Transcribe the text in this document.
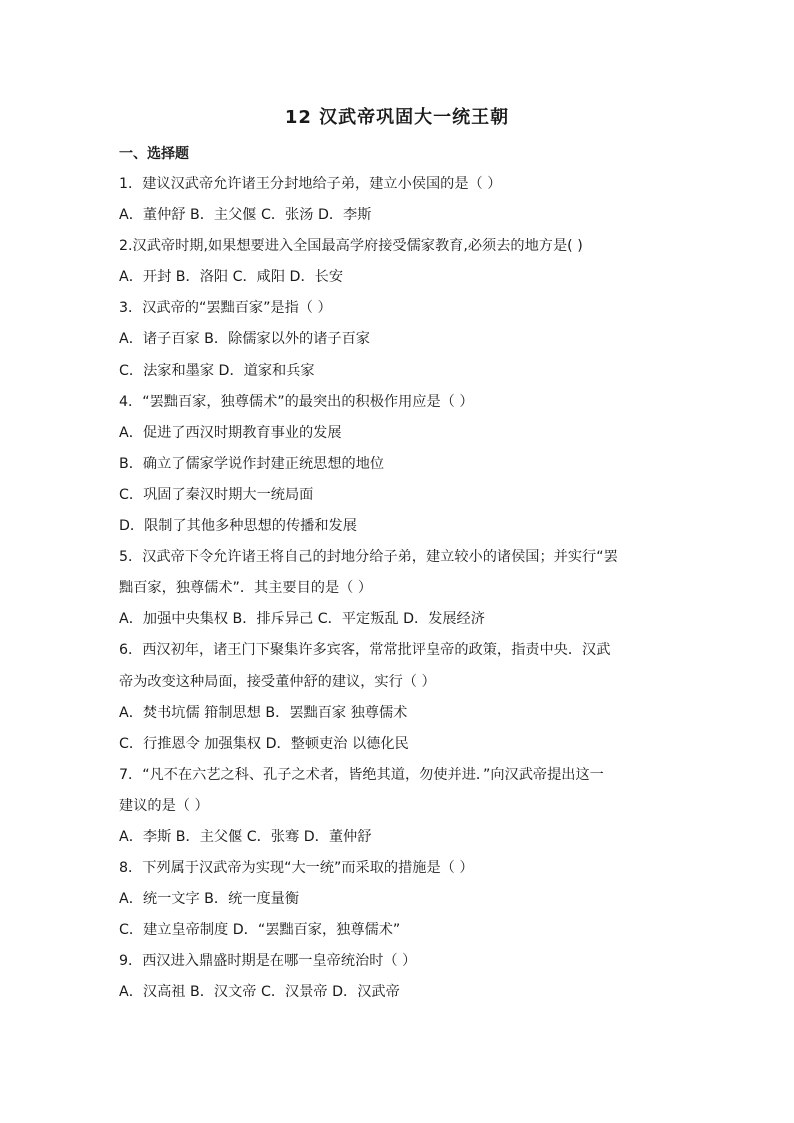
12 汉武帝巩固大一统王朝
一、选择题
1．建议汉武帝允许诸王分封地给子弟，建立小侯国的是（ ）
A．董仲舒 B．主父偃 C．张汤 D．李斯
2.汉武帝时期,如果想要进入全国最高学府接受儒家教育,必须去的地方是( )
A．开封 B．洛阳 C．咸阳 D．长安
3．汉武帝的“罢黜百家”是指（ ）
A．诸子百家 B．除儒家以外的诸子百家
C．法家和墨家 D．道家和兵家
4．“罢黜百家，独尊儒术”的最突出的积极作用应是（ ）
A．促进了西汉时期教育事业的发展
B．确立了儒家学说作封建正统思想的地位
C．巩固了秦汉时期大一统局面
D．限制了其他多种思想的传播和发展
5．汉武帝下令允许诸王将自己的封地分给子弟，建立较小的诸侯国；并实行“罢
黜百家，独尊儒术”．其主要目的是（ ）
A．加强中央集权 B．排斥异己 C．平定叛乱 D．发展经济
6．西汉初年，诸王门下聚集许多宾客，常常批评皇帝的政策，指责中央．汉武
帝为改变这种局面，接受董仲舒的建议，实行（ ）
A．焚书坑儒 箝制思想 B．罢黜百家 独尊儒术
C．行推恩令 加强集权 D．整顿吏治 以德化民
7．“凡不在六艺之科、孔子之术者，皆绝其道，勿使并进．”向汉武帝提出这一
建议的是（ ）
A．李斯 B．主父偃 C．张骞 D．董仲舒
8．下列属于汉武帝为实现“大一统”而采取的措施是（ ）
A．统一文字 B．统一度量衡
C．建立皇帝制度 D．“罢黜百家，独尊儒术”
9．西汉进入鼎盛时期是在哪一皇帝统治时（ ）
A．汉高祖 B．汉文帝 C．汉景帝 D．汉武帝
